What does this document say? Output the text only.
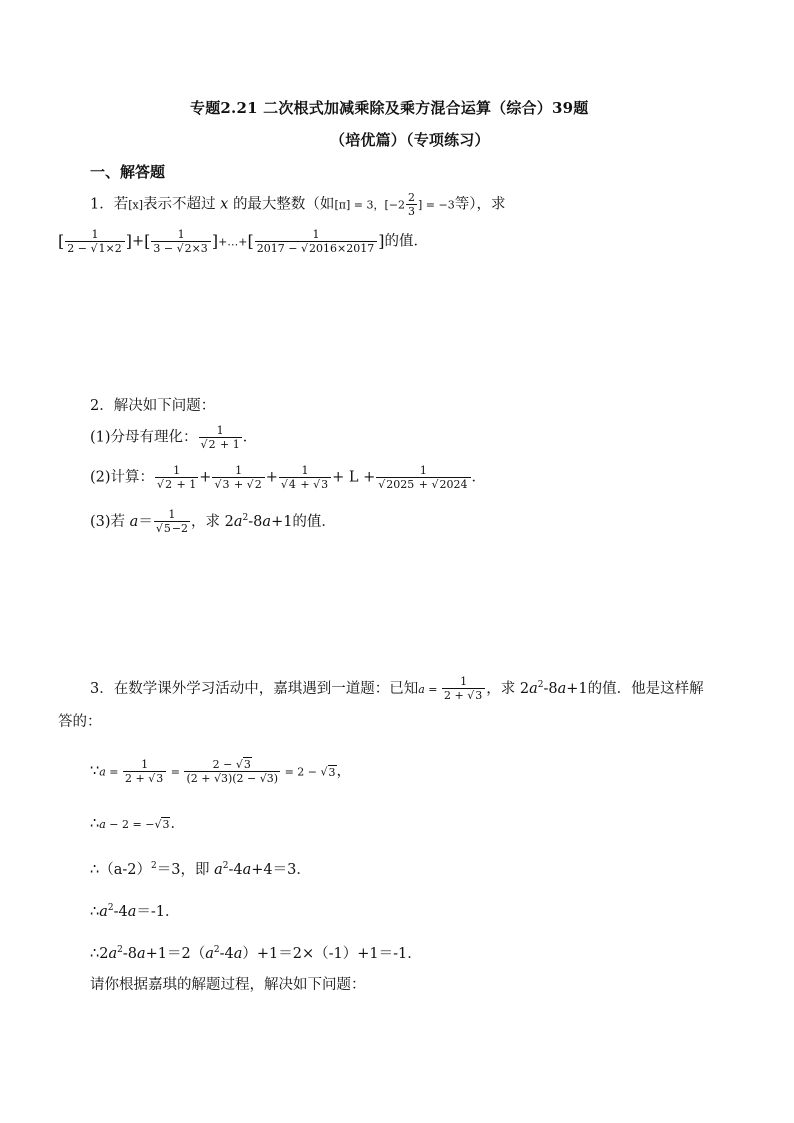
专题2.21 二次根式加减乘除及乘方混合运算（综合）39题
（培优篇）（专项练习）
一、解答题
1．若[x]表示不超过 x 的最大整数（如[π] = 3，[$-2 \frac{2}{3}$ ] = −3等），求
[ $\frac{1}{2 - √1\times 2}$ ]+[ $\frac{1}{3 - √2\times 3}$ ]+…+[ $\frac{1}{2017 - √2016\times 2017}$ ]的值．
2．解决如下问题：
(1)分母有理化： $\frac{1}{√2 + 1}$ ．
(2)计算： $\frac{1}{√2 + 1} + \frac{1}{√3 + √2} + \frac{1}{√4 + √3} + L + \frac{1}{√2025 + √2024}$ ．
(3)若 $a= \frac{1}{√5-2}$ ，求 $2a^2-8a+1$的值．
3．在数学课外学习活动中，嘉琪遇到一道题：已知$a = \frac{1}{2 + √3}$ ，求 $2a^2-8a+1$的值．他是这样解
答的：
∵a = $\frac{1}{2 + √3} = \frac{2 - √3}{(2 + √3)(2 - √3)} = 2 - √3$，
∴a − 2 = −√3．
$\therefore(a-2)^2=3$，即 $a^2-4a+4=3$．
$\therefore a^2-4a=-1$．
$\therefore 2a^2-8a+1=2(a^2-4a)+1=2\times(-1)+1=-1$．
请你根据嘉琪的解题过程，解决如下问题：
